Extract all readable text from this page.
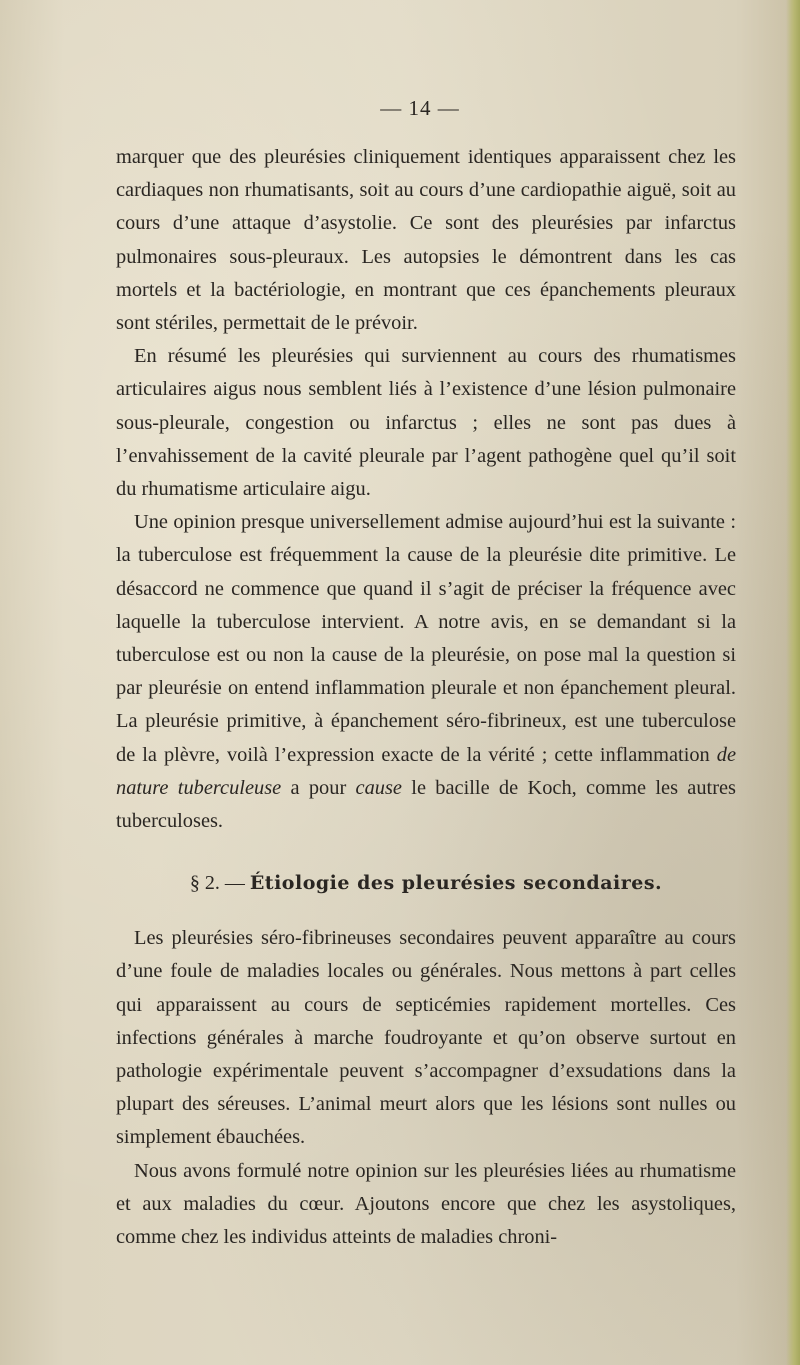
— 14 —

marquer que des pleurésies cliniquement identiques apparaissent chez les cardiaques non rhumatisants, soit au cours d’une cardiopathie aiguë, soit au cours d’une attaque d’asystolie. Ce sont des pleurésies par infarctus pulmonaires sous-pleuraux. Les autopsies le démontrent dans les cas mortels et la bactériologie, en montrant que ces épanchements pleuraux sont stériles, permettait de le prévoir.

En résumé les pleurésies qui surviennent au cours des rhumatismes articulaires aigus nous semblent liés à l’existence d’une lésion pulmonaire sous-pleurale, congestion ou infarctus ; elles ne sont pas dues à l’envahissement de la cavité pleurale par l’agent pathogène quel qu’il soit du rhumatisme articulaire aigu.

Une opinion presque universellement admise aujourd’hui est la suivante : la tuberculose est fréquemment la cause de la pleurésie dite primitive. Le désaccord ne commence que quand il s’agit de préciser la fréquence avec laquelle la tuberculose intervient. A notre avis, en se demandant si la tuberculose est ou non la cause de la pleurésie, on pose mal la question si par pleurésie on entend inflammation pleurale et non épanchement pleural. La pleurésie primitive, à épanchement séro-fibrineux, est une tuberculose de la plèvre, voilà l’expression exacte de la vérité ; cette inflammation de nature tuberculeuse a pour cause le bacille de Koch, comme les autres tuberculoses.

§ 2. — Étiologie des pleurésies secondaires.

Les pleurésies séro-fibrineuses secondaires peuvent apparaître au cours d’une foule de maladies locales ou générales. Nous mettons à part celles qui apparaissent au cours de septicémies rapidement mortelles. Ces infections générales à marche foudroyante et qu’on observe surtout en pathologie expérimentale peuvent s’accompagner d’exsudations dans la plupart des séreuses. L’animal meurt alors que les lésions sont nulles ou simplement ébauchées.

Nous avons formulé notre opinion sur les pleurésies liées au rhumatisme et aux maladies du cœur. Ajoutons encore que chez les asystoliques, comme chez les individus atteints de maladies chroni-
